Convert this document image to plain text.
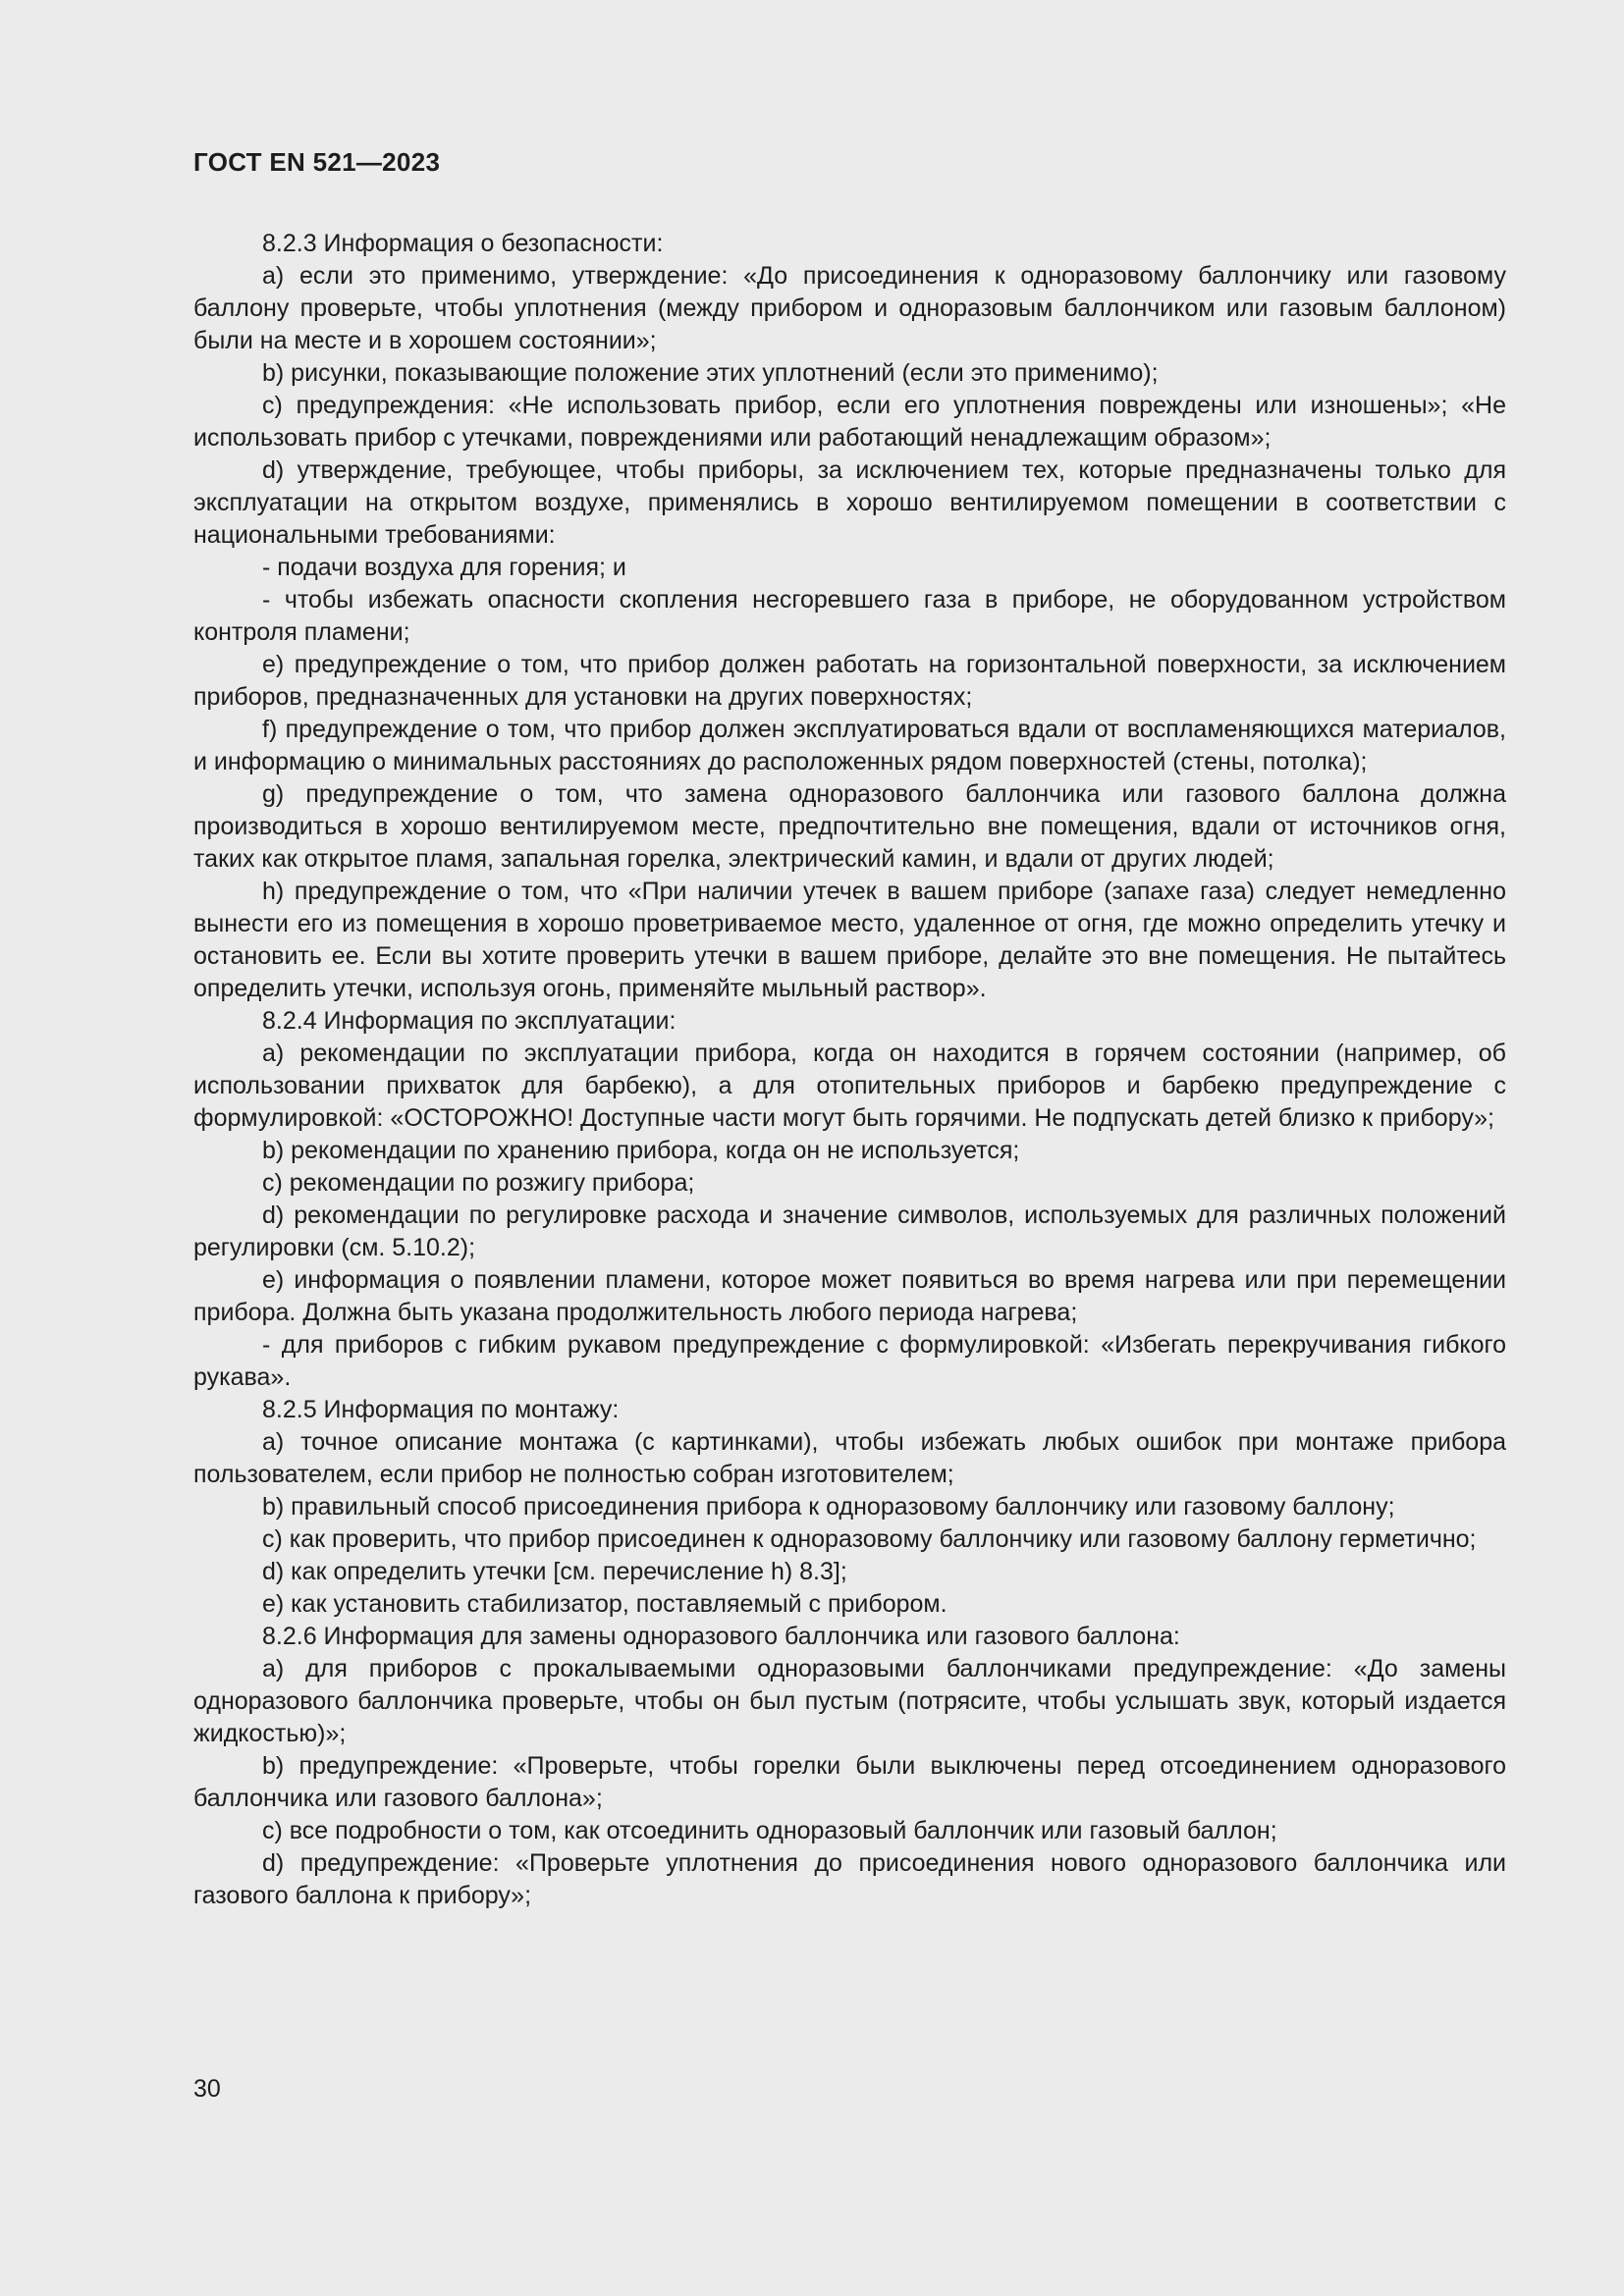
ГОСТ EN 521—2023

8.2.3 Информация о безопасности:

a) если это применимо, утверждение: «До присоединения к одноразовому баллончику или газовому баллону проверьте, чтобы уплотнения (между прибором и одноразовым баллончиком или газовым баллоном) были на месте и в хорошем состоянии»;

b) рисунки, показывающие положение этих уплотнений (если это применимо);

c) предупреждения: «Не использовать прибор, если его уплотнения повреждены или изношены»; «Не использовать прибор с утечками, повреждениями или работающий ненадлежащим образом»;

d) утверждение, требующее, чтобы приборы, за исключением тех, которые предназначены только для эксплуатации на открытом воздухе, применялись в хорошо вентилируемом помещении в соответствии с национальными требованиями:

- подачи воздуха для горения; и

- чтобы избежать опасности скопления несгоревшего газа в приборе, не оборудованном устройством контроля пламени;

e) предупреждение о том, что прибор должен работать на горизонтальной поверхности, за исключением приборов, предназначенных для установки на других поверхностях;

f) предупреждение о том, что прибор должен эксплуатироваться вдали от воспламеняющихся материалов, и информацию о минимальных расстояниях до расположенных рядом поверхностей (стены, потолка);

g) предупреждение о том, что замена одноразового баллончика или газового баллона должна производиться в хорошо вентилируемом месте, предпочтительно вне помещения, вдали от источников огня, таких как открытое пламя, запальная горелка, электрический камин, и вдали от других людей;

h) предупреждение о том, что «При наличии утечек в вашем приборе (запахе газа) следует немедленно вынести его из помещения в хорошо проветриваемое место, удаленное от огня, где можно определить утечку и остановить ее. Если вы хотите проверить утечки в вашем приборе, делайте это вне помещения. Не пытайтесь определить утечки, используя огонь, применяйте мыльный раствор».

8.2.4 Информация по эксплуатации:

a) рекомендации по эксплуатации прибора, когда он находится в горячем состоянии (например, об использовании прихваток для барбекю), а для отопительных приборов и барбекю предупреждение с формулировкой: «ОСТОРОЖНО! Доступные части могут быть горячими. Не подпускать детей близко к прибору»;

b) рекомендации по хранению прибора, когда он не используется;

c) рекомендации по розжигу прибора;

d) рекомендации по регулировке расхода и значение символов, используемых для различных положений регулировки (см. 5.10.2);

e) информация о появлении пламени, которое может появиться во время нагрева или при перемещении прибора. Должна быть указана продолжительность любого периода нагрева;

- для приборов с гибким рукавом предупреждение с формулировкой: «Избегать перекручивания гибкого рукава».

8.2.5 Информация по монтажу:

a) точное описание монтажа (с картинками), чтобы избежать любых ошибок при монтаже прибора пользователем, если прибор не полностью собран изготовителем;

b) правильный способ присоединения прибора к одноразовому баллончику или газовому баллону;

c) как проверить, что прибор присоединен к одноразовому баллончику или газовому баллону герметично;

d) как определить утечки [см. перечисление h) 8.3];

e) как установить стабилизатор, поставляемый с прибором.

8.2.6 Информация для замены одноразового баллончика или газового баллона:

a) для приборов с прокалываемыми одноразовыми баллончиками предупреждение: «До замены одноразового баллончика проверьте, чтобы он был пустым (потрясите, чтобы услышать звук, который издается жидкостью)»;

b) предупреждение: «Проверьте, чтобы горелки были выключены перед отсоединением одноразового баллончика или газового баллона»;

c) все подробности о том, как отсоединить одноразовый баллончик или газовый баллон;

d) предупреждение: «Проверьте уплотнения до присоединения нового одноразового баллончика или газового баллона к прибору»;

30
